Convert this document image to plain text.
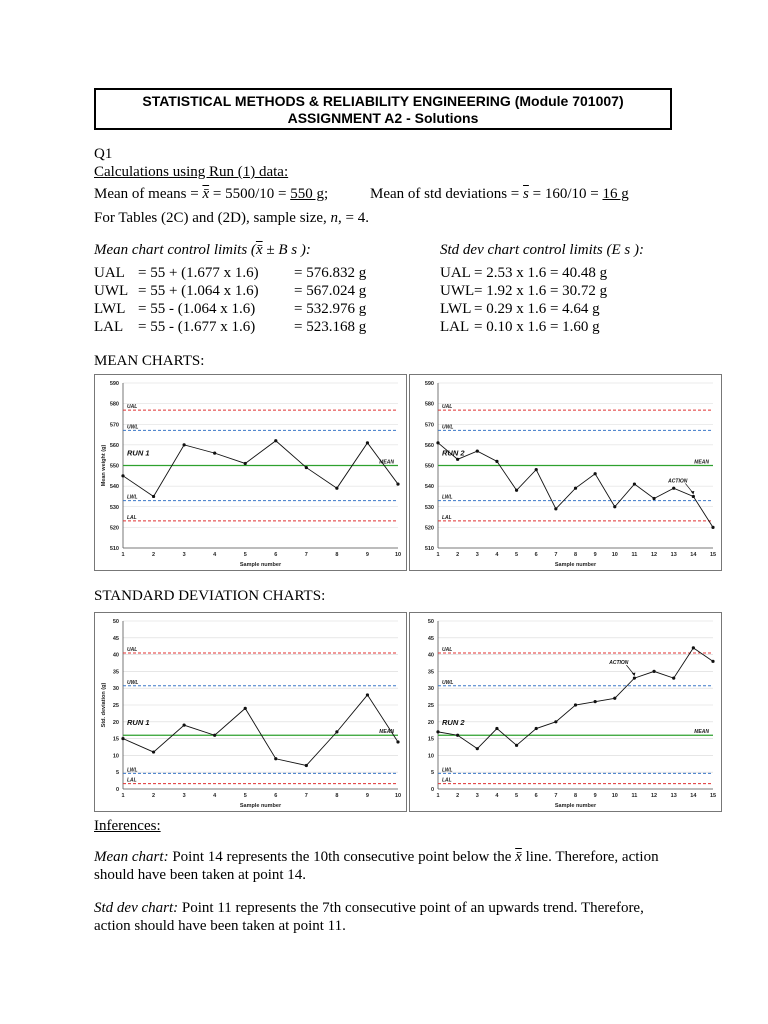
STATISTICAL METHODS & RELIABILITY ENGINEERING (Module 701007)
ASSIGNMENT A2 - Solutions
Q1
Calculations using Run (1) data:
Mean of means = x̄ = 5500/10 = 550 g;	Mean of std deviations = $\overline{s} = 160/10 = 16$ g
For Tables (2C) and (2D), sample size, n, = 4.
Mean chart control limits (x̄ ± B s ):	Std dev chart control limits (E s ):
UAL = 55 + (1.677 x 1.6) = 576.832 g
UWL = 55 + (1.064 x 1.6) = 567.024 g
LWL = 55 - (1.064 x 1.6)	= 532.976 g
LAL = 55 - (1.677 x 1.6)	= 523.168 g
UAL = 2.53 x 1.6 = 40.48 g
UWL = 1.92 x 1.6 = 30.72 g
LWL = 0.29 x 1.6 = 4.64 g
LAL = 0.10 x 1.6 = 1.60 g
MEAN CHARTS:
510
520
530
540
550
560
570
580
590
1	2	3	4	5	6	7	8	9	10
Sample number
Mean weight (g)
UAL
UWL
MEAN
LWL
LAL
RUN 1
510
520
530
540
550
560
570
580
590
1	2	3	4	5	6	7	8	9	10 11 12 13 14 15
Sample number
UAL
UWL
MEAN
LWL
LAL
RUN 2
ACTION
STANDARD DEVIATION CHARTS:
0
5
10
15
20
25
30
35
40
45
50
1	2	3	4	5	6	7	8	9	10
Sample number
Std. deviation (g)
UAL
UWL
MEAN
LWL
LAL
RUN 1
0
5
10
15
20
25
30
35
40
45
50
1	2	3	4	5	6	7	8	9	10 11 12 13 14 15
Sample number
UAL
UWL
MEAN
LWL
LAL
RUN 2
ACTION
Inferences:
Mean chart: Point 14 represents the 10th consecutive point below the x̄ line. Therefore, action
should have been taken at point 14.
Std dev chart: Point 11 represents the 7th consecutive point of an upwards trend. Therefore,
action should have been taken at point 11.
